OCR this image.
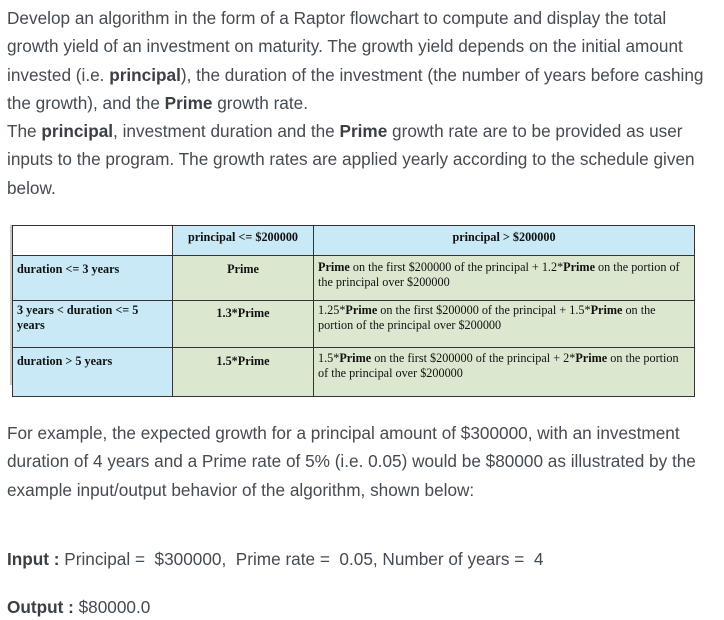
Develop an algorithm in the form of a Raptor flowchart to compute and display the total growth yield of an investment on maturity. The growth yield depends on the initial amount invested (i.e. principal), the duration of the investment (the number of years before cashing the growth), and the Prime growth rate.
The principal, investment duration and the Prime growth rate are to be provided as user inputs to the program. The growth rates are applied yearly according to the schedule given below.

	principal <= $200000	principal > $200000
duration <= 3 years	Prime	Prime on the first $200000 of the principal + 1.2*Prime on the portion of the principal over $200000
3 years < duration <= 5 years	1.3*Prime	1.25*Prime on the first $200000 of the principal + 1.5*Prime on the portion of the principal over $200000
duration > 5 years	1.5*Prime	1.5*Prime on the first $200000 of the principal + 2*Prime on the portion of the principal over $200000

For example, the expected growth for a principal amount of $300000, with an investment duration of 4 years and a Prime rate of 5% (i.e. 0.05) would be $80000 as illustrated by the example input/output behavior of the algorithm, shown below:

Input : Principal =  $300000,  Prime rate =  0.05, Number of years =  4
Output : $80000.0
